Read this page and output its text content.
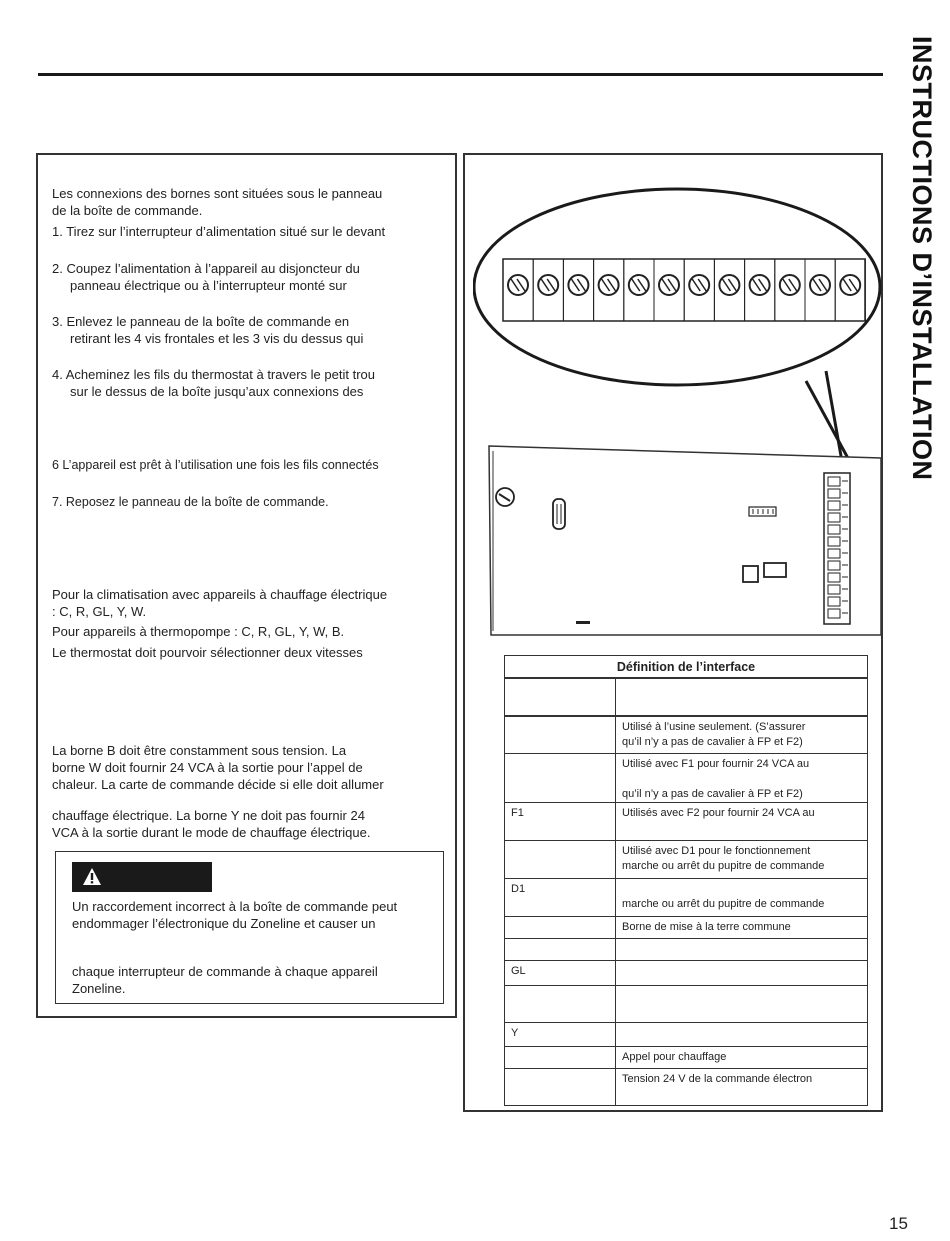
INSTRUCTIONS D’INSTALLATION
Les connexions des bornes sont situées sous le panneau
de la boîte de commande.
1. Tirez sur l’interrupteur d’alimentation situé sur le devant
2. Coupez l’alimentation à l’appareil au disjoncteur du
panneau électrique ou à l’interrupteur monté sur
3. Enlevez le panneau de la boîte de commande en
retirant les 4 vis frontales et les 3 vis du dessus qui
4. Acheminez les fils du thermostat à travers le petit trou
sur le dessus de la boîte jusqu’aux connexions des
6 L’appareil est prêt à l’utilisation une fois les fils connectés
7. Reposez le panneau de la boîte de commande.
Pour la climatisation avec appareils à chauffage électrique
: C, R, GL, Y, W.
Pour appareils à thermopompe : C, R, GL, Y, W, B.
Le thermostat doit pourvoir sélectionner deux vitesses
La borne B doit être constamment sous tension. La
borne W doit fournir 24 VCA à la sortie pour l’appel de
chaleur. La carte de commande décide si elle doit allumer
chauffage électrique. La borne Y ne doit pas fournir 24
VCA à la sortie durant le mode de chauffage électrique.
Un raccordement incorrect à la boîte de commande peut
endommager l’électronique du Zoneline et causer un
chaque interrupteur de commande à chaque appareil
Zoneline.
Définition de l’interface
Utilisé à l’usine seulement. (S’assurer
qu’il n’y a pas de cavalier à FP et F2)
Utilisé avec F1 pour fournir 24 VCA au
qu’il n’y a pas de cavalier à FP et F2)
F1	Utilisés avec F2 pour fournir 24 VCA au
Utilisé avec D1 pour le fonctionnement
marche ou arrêt du pupitre de commande
D1
marche ou arrêt du pupitre de commande
Borne de mise à la terre commune
GL
Y
Appel pour chauffage
Tension 24 V de la commande électron
15
